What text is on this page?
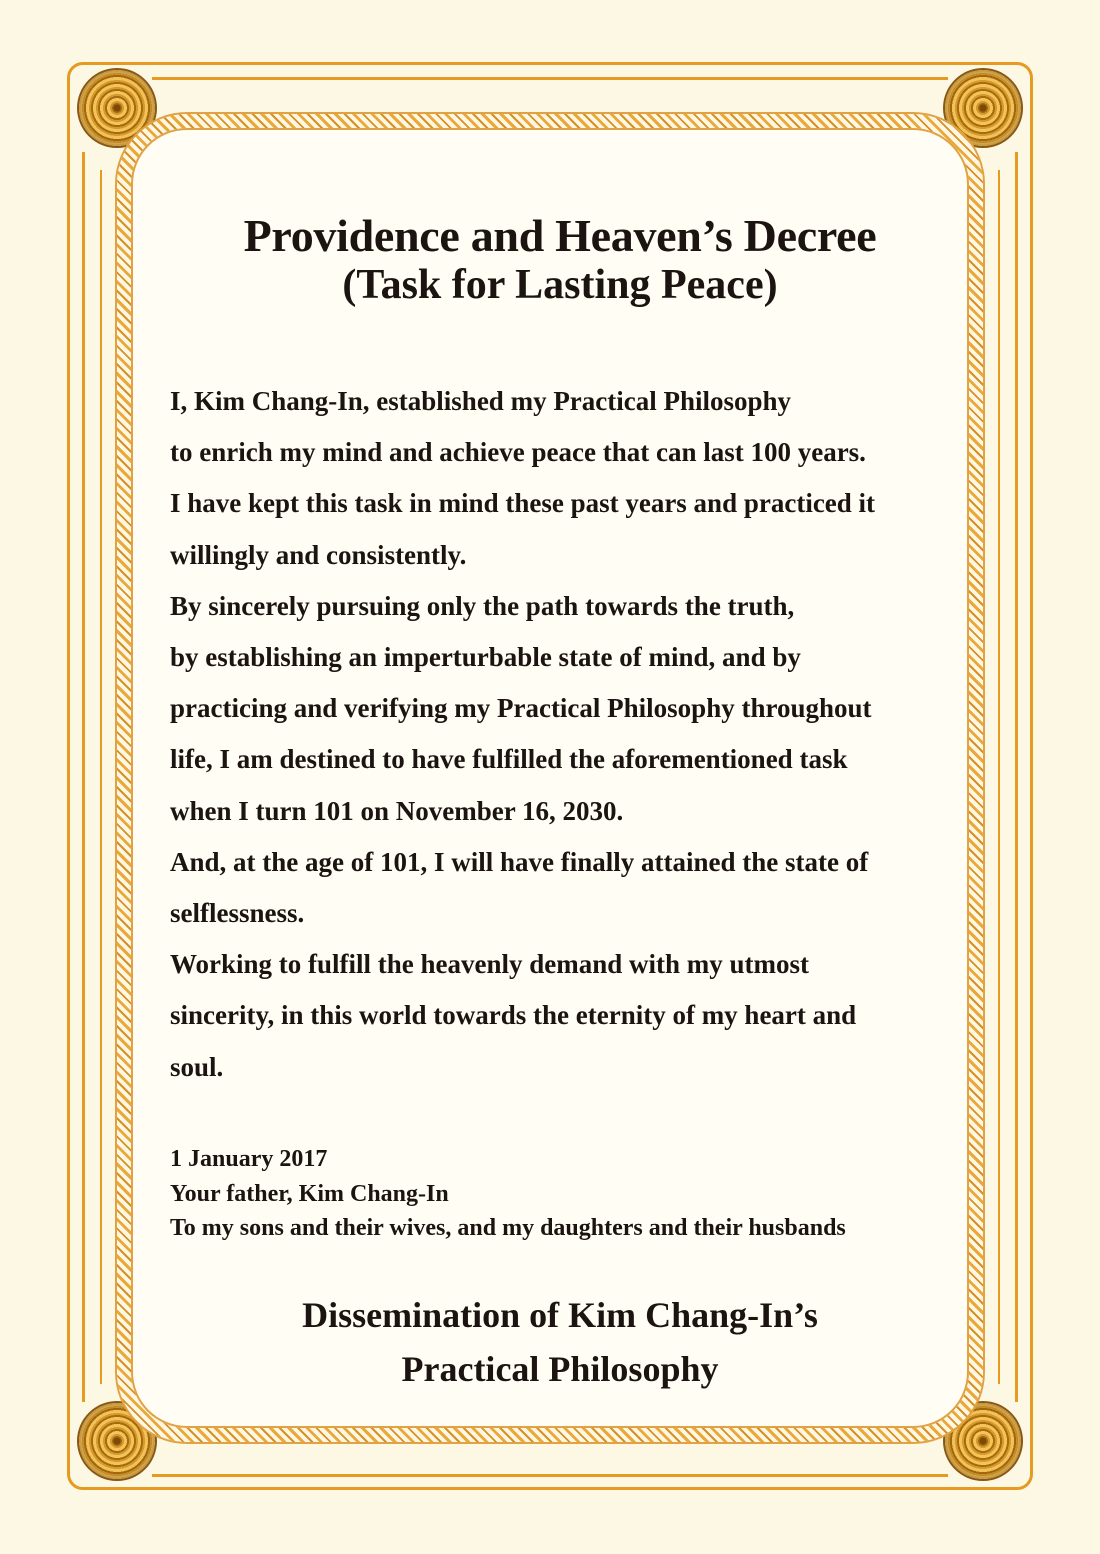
Providence and Heaven’s Decree
(Task for Lasting Peace)
I, Kim Chang-In, established my Practical Philosophy
to enrich my mind and achieve peace that can last 100 years.
I have kept this task in mind these past years and practiced it
willingly and consistently.
By sincerely pursuing only the path towards the truth,
by establishing an imperturbable state of mind, and by
practicing and verifying my Practical Philosophy throughout
life, I am destined to have fulfilled the aforementioned task
when I turn 101 on November 16, 2030.
And, at the age of 101, I will have finally attained the state of
selflessness.
Working to fulfill the heavenly demand with my utmost
sincerity, in this world towards the eternity of my heart and
soul.
1 January 2017
Your father, Kim Chang-In
To my sons and their wives, and my daughters and their husbands
Dissemination of Kim Chang-In’s
Practical Philosophy
